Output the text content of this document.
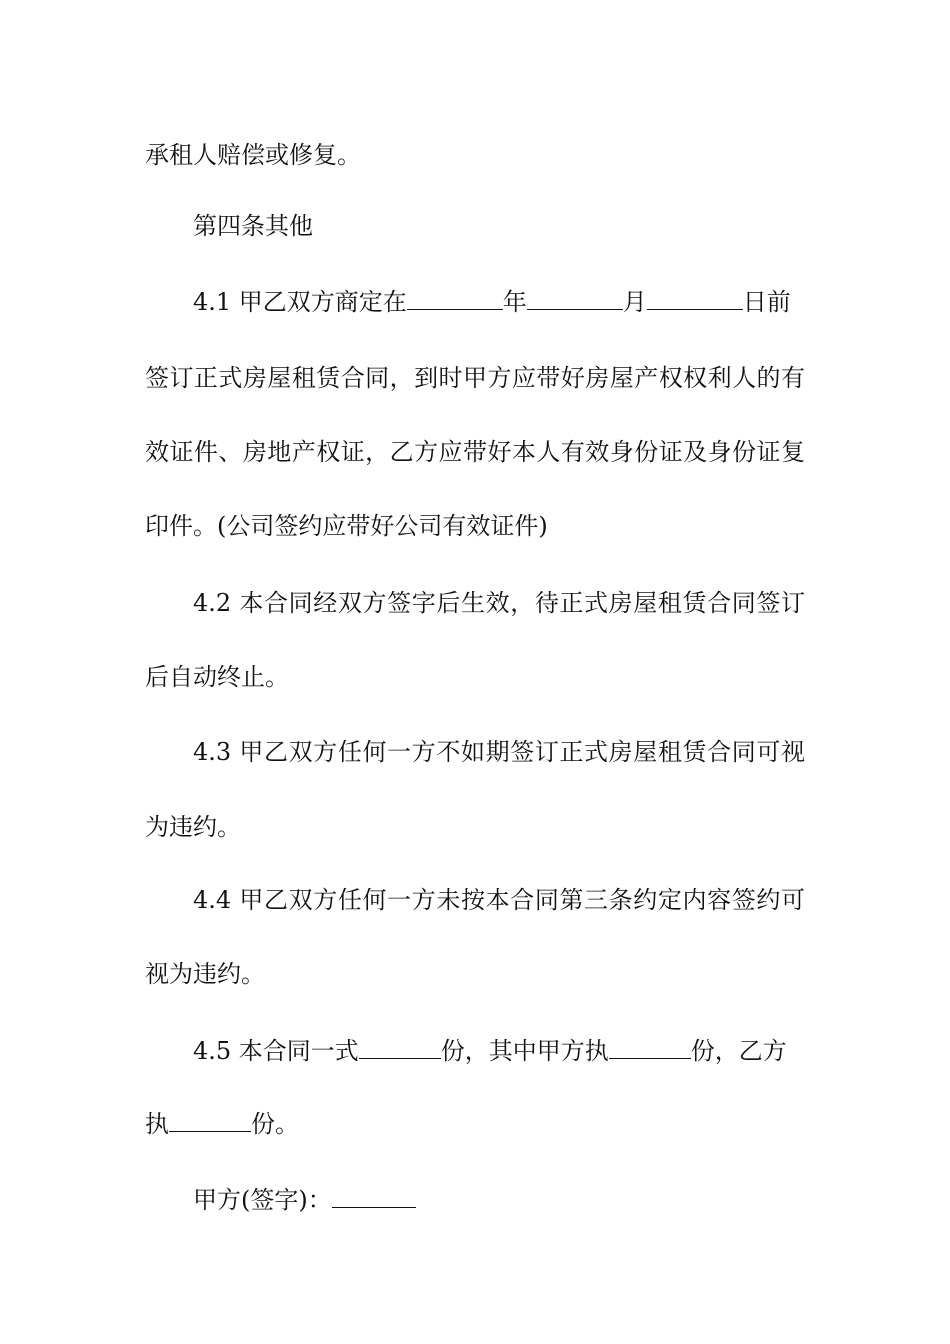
承租人赔偿或修复。
第四条其他
4.1 甲乙双方商定在	年	月	日前
签订正式房屋租赁合同，到时甲方应带好房屋产权权利人的有
效证件、房地产权证，乙方应带好本人有效身份证及身份证复
印件。(公司签约应带好公司有效证件)
4.2 本合同经双方签字后生效，待正式房屋租赁合同签订
后自动终止。
4.3 甲乙双方任何一方不如期签订正式房屋租赁合同可视
为违约。
4.4 甲乙双方任何一方未按本合同第三条约定内容签约可
视为违约。
4.5 本合同一式	份，其中甲方执	份，乙方
执	份。
甲方(签字)：
